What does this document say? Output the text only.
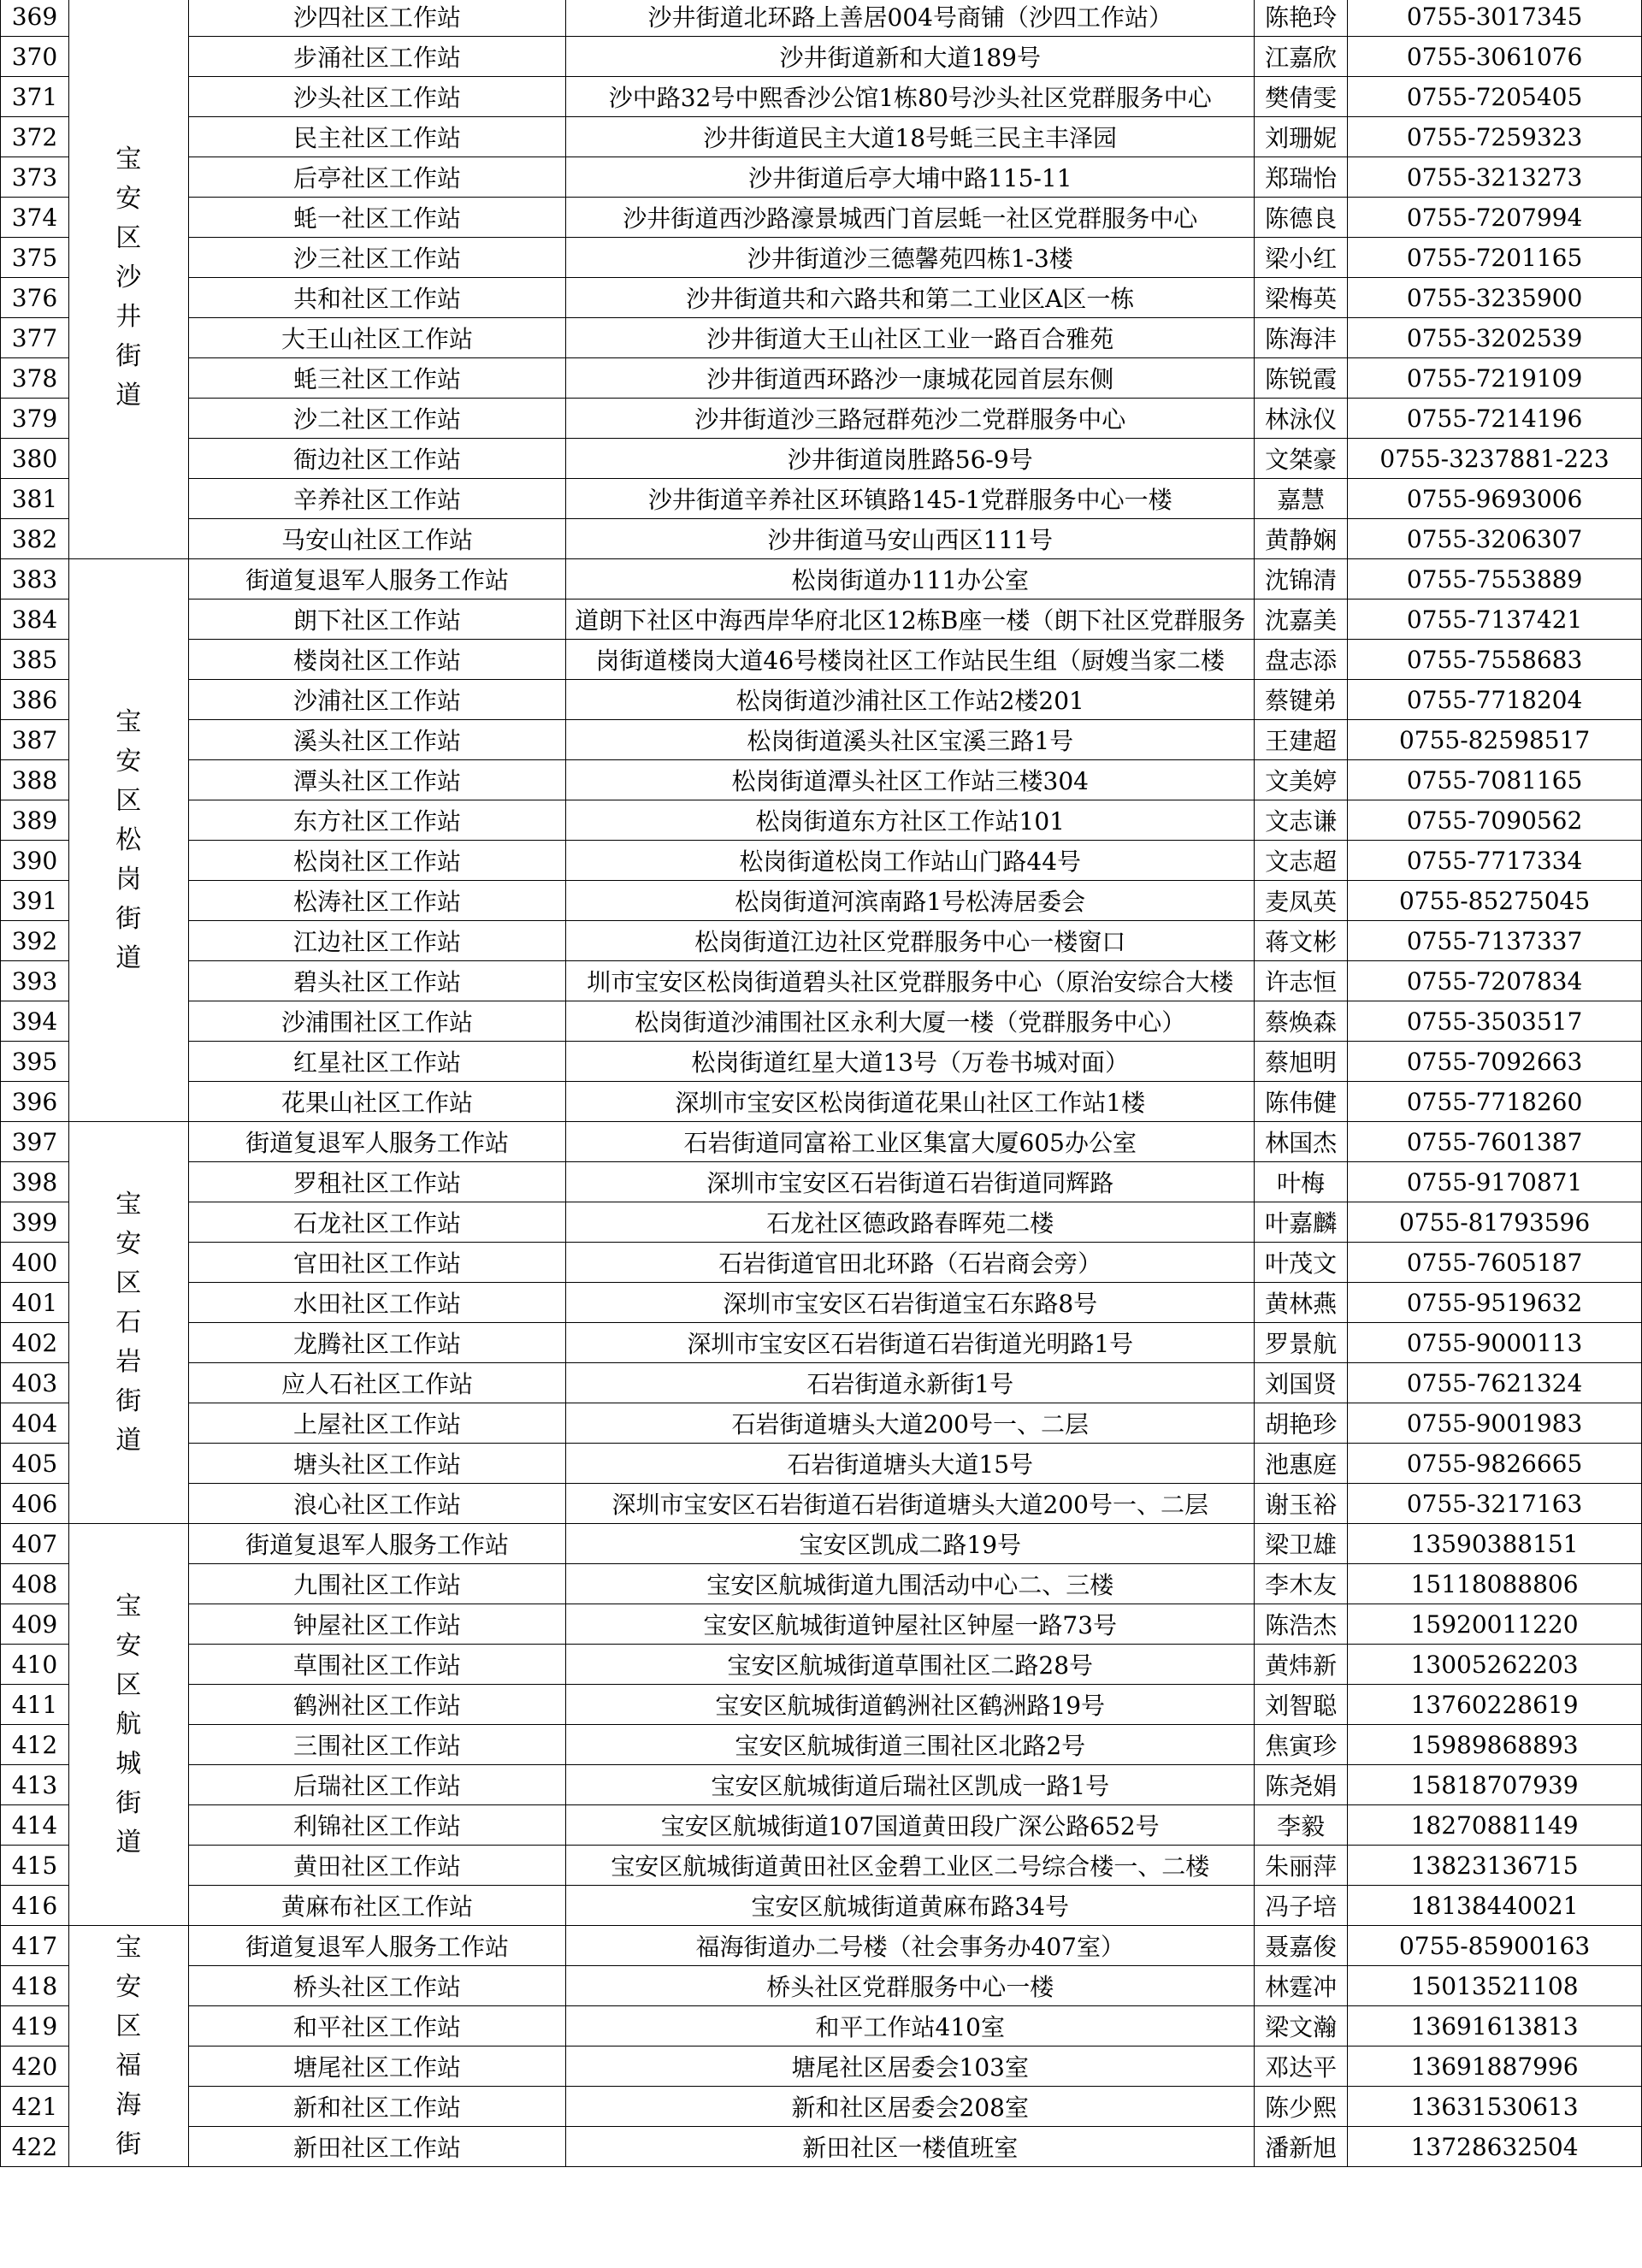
369	宝安区沙井街道	沙四社区工作站	沙井街道北环路上善居004号商铺（沙四工作站）	陈艳玲	0755-3017345
370		步涌社区工作站	沙井街道新和大道189号	江嘉欣	0755-3061076
371		沙头社区工作站	沙中路32号中熙香沙公馆1栋80号沙头社区党群服务中心	樊倩雯	0755-7205405
372		民主社区工作站	沙井街道民主大道18号蚝三民主丰泽园	刘珊妮	0755-7259323
373		后亭社区工作站	沙井街道后亭大埔中路115-11	郑瑞怡	0755-3213273
374		蚝一社区工作站	沙井街道西沙路濠景城西门首层蚝一社区党群服务中心	陈德良	0755-7207994
375		沙三社区工作站	沙井街道沙三德馨苑四栋1-3楼	梁小红	0755-7201165
376		共和社区工作站	沙井街道共和六路共和第二工业区A区一栋	梁梅英	0755-3235900
377		大王山社区工作站	沙井街道大王山社区工业一路百合雅苑	陈海沣	0755-3202539
378		蚝三社区工作站	沙井街道西环路沙一康城花园首层东侧	陈锐霞	0755-7219109
379		沙二社区工作站	沙井街道沙三路冠群苑沙二党群服务中心	林泳仪	0755-7214196
380		衙边社区工作站	沙井街道岗胜路56-9号	文桀豪	0755-3237881-223
381		辛养社区工作站	沙井街道辛养社区环镇路145-1党群服务中心一楼	嘉慧	0755-9693006
382		马安山社区工作站	沙井街道马安山西区111号	黄静娴	0755-3206307
383	宝安区松岗街道	街道复退军人服务工作站	松岗街道办111办公室	沈锦清	0755-7553889
384		朗下社区工作站	道朗下社区中海西岸华府北区12栋B座一楼（朗下社区党群服务	沈嘉美	0755-7137421
385		楼岗社区工作站	岗街道楼岗大道46号楼岗社区工作站民生组（厨嫂当家二楼	盘志添	0755-7558683
386		沙浦社区工作站	松岗街道沙浦社区工作站2楼201	蔡键弟	0755-7718204
387		溪头社区工作站	松岗街道溪头社区宝溪三路1号	王建超	0755-82598517
388		潭头社区工作站	松岗街道潭头社区工作站三楼304	文美婷	0755-7081165
389		东方社区工作站	松岗街道东方社区工作站101	文志谦	0755-7090562
390		松岗社区工作站	松岗街道松岗工作站山门路44号	文志超	0755-7717334
391		松涛社区工作站	松岗街道河滨南路1号松涛居委会	麦凤英	0755-85275045
392		江边社区工作站	松岗街道江边社区党群服务中心一楼窗口	蒋文彬	0755-7137337
393		碧头社区工作站	圳市宝安区松岗街道碧头社区党群服务中心（原治安综合大楼	许志恒	0755-7207834
394		沙浦围社区工作站	松岗街道沙浦围社区永利大厦一楼（党群服务中心）	蔡焕森	0755-3503517
395		红星社区工作站	松岗街道红星大道13号（万卷书城对面）	蔡旭明	0755-7092663
396		花果山社区工作站	深圳市宝安区松岗街道花果山社区工作站1楼	陈伟健	0755-7718260
397	宝安区石岩街道	街道复退军人服务工作站	石岩街道同富裕工业区集富大厦605办公室	林国杰	0755-7601387
398		罗租社区工作站	深圳市宝安区石岩街道石岩街道同辉路	叶梅	0755-9170871
399		石龙社区工作站	石龙社区德政路春晖苑二楼	叶嘉麟	0755-81793596
400		官田社区工作站	石岩街道官田北环路（石岩商会旁）	叶茂文	0755-7605187
401		水田社区工作站	深圳市宝安区石岩街道宝石东路8号	黄林燕	0755-9519632
402		龙腾社区工作站	深圳市宝安区石岩街道石岩街道光明路1号	罗景航	0755-9000113
403		应人石社区工作站	石岩街道永新街1号	刘国贤	0755-7621324
404		上屋社区工作站	石岩街道塘头大道200号一、二层	胡艳珍	0755-9001983
405		塘头社区工作站	石岩街道塘头大道15号	池惠庭	0755-9826665
406		浪心社区工作站	深圳市宝安区石岩街道石岩街道塘头大道200号一、二层	谢玉裕	0755-3217163
407	宝安区航城街道	街道复退军人服务工作站	宝安区凯成二路19号	梁卫雄	13590388151
408		九围社区工作站	宝安区航城街道九围活动中心二、三楼	李木友	15118088806
409		钟屋社区工作站	宝安区航城街道钟屋社区钟屋一路73号	陈浩杰	15920011220
410		草围社区工作站	宝安区航城街道草围社区二路28号	黄炜新	13005262203
411		鹤洲社区工作站	宝安区航城街道鹤洲社区鹤洲路19号	刘智聪	13760228619
412		三围社区工作站	宝安区航城街道三围社区北路2号	焦寅珍	15989868893
413		后瑞社区工作站	宝安区航城街道后瑞社区凯成一路1号	陈尧娟	15818707939
414		利锦社区工作站	宝安区航城街道107国道黄田段广深公路652号	李毅	18270881149
415		黄田社区工作站	宝安区航城街道黄田社区金碧工业区二号综合楼一、二楼	朱丽萍	13823136715
416		黄麻布社区工作站	宝安区航城街道黄麻布路34号	冯子培	18138440021
417	宝安区福海街	街道复退军人服务工作站	福海街道办二号楼（社会事务办407室）	聂嘉俊	0755-85900163
418		桥头社区工作站	桥头社区党群服务中心一楼	林霆冲	15013521108
419		和平社区工作站	和平工作站410室	梁文瀚	13691613813
420		塘尾社区工作站	塘尾社区居委会103室	邓达平	13691887996
421		新和社区工作站	新和社区居委会208室	陈少熙	13631530613
422		新田社区工作站	新田社区一楼值班室	潘新旭	13728632504
